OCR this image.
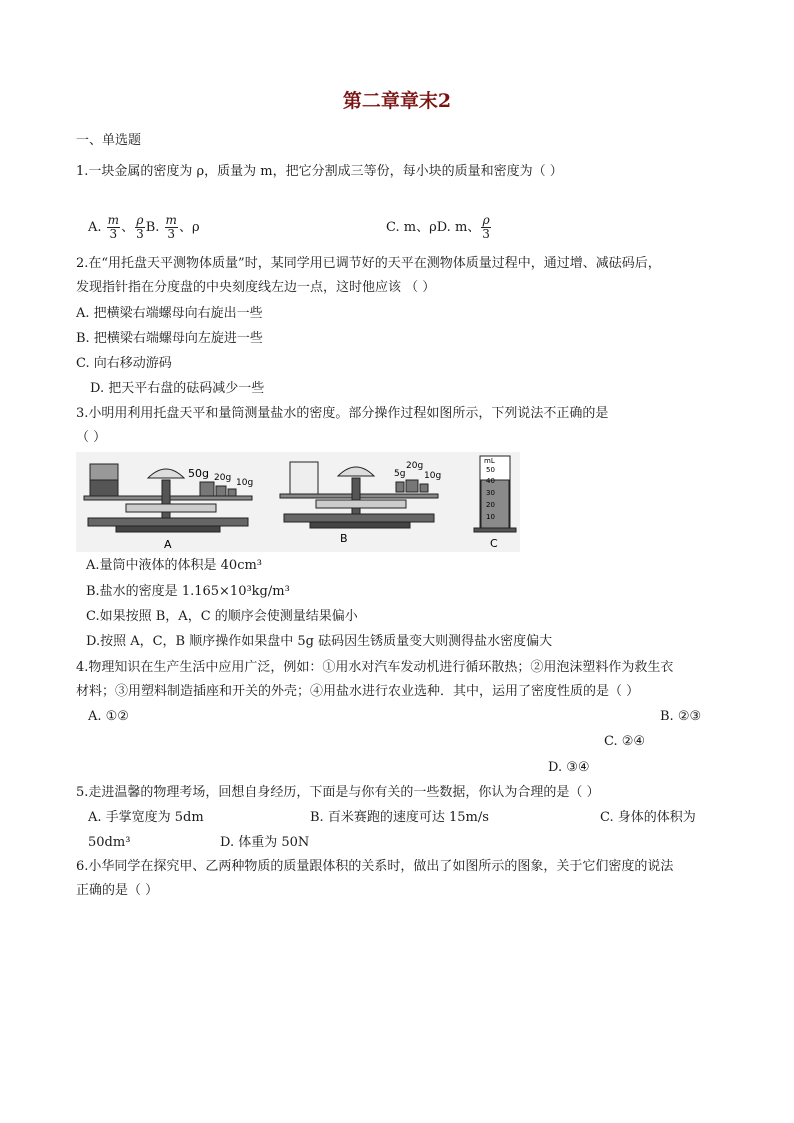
第二章章末2
一、单选题
1.一块金属的密度为 ρ，质量为 m，把它分割成三等份，每小块的质量和密度为（ ）
A. $\frac{m}{3}$ 、 $\frac{\rho}{3} B$. $\frac{m}{3}$ 、ρ	C. m、ρD. m、 $\frac{\rho}{3}$
2.在“用托盘天平测物体质量”时，某同学用已调节好的天平在测物体质量过程中，通过增、减砝码后，
发现指针指在分度盘的中央刻度线左边一点，这时他应该 （ ）
A. 把横梁右端螺母向右旋出一些
B. 把横梁右端螺母向左旋进一些
C. 向右移动游码
D. 把天平右盘的砝码减少一些
3.小明用利用托盘天平和量筒测量盐水的密度。部分操作过程如图所示，下列说法不正确的是
（ ）
50g 20g 10g
A
5g
20g
10g
B
mL
50
40
30
20
10
C
A.量筒中液体的体积是 40cm³
B.盐水的密度是 1.165×10³kg/m³
C.如果按照 B，A，C 的顺序会使测量结果偏小
D.按照 A，C，B 顺序操作如果盘中 5g 砝码因生锈质量变大则测得盐水密度偏大
4.物理知识在生产生活中应用广泛，例如：①用水对汽车发动机进行循环散热；②用泡沫塑料作为救生衣
材料；③用塑料制造插座和开关的外壳；④用盐水进行农业选种．其中，运用了密度性质的是（ ）
A. ①②	B. ②③
C. ②④
D. ③④
5.走进温馨的物理考场，回想自身经历，下面是与你有关的一些数据，你认为合理的是（ ）
A. 手掌宽度为 5dm	B. 百米赛跑的速度可达 15m/s	C. 身体的体积为
50dm³	D. 体重为 50N
6.小华同学在探究甲、乙两种物质的质量跟体积的关系时，做出了如图所示的图象，关于它们密度的说法
正确的是（ ）
